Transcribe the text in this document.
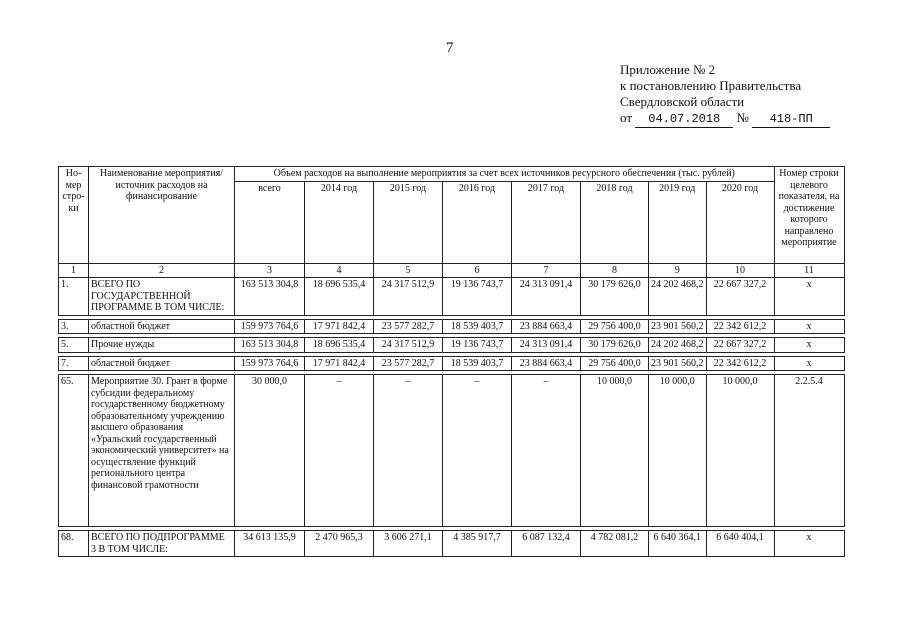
7
Приложение № 2
к постановлению Правительства
Свердловской области
от 04.07.2018 № 418-ПП
Но-мер стро-ки	Наименование мероприятия/источник расходов на финансирование	Объем расходов на выполнение мероприятия за счет всех источников ресурсного обеспечения (тыс. рублей)								Номер строки целевого показателя, на достижение которого направлено мероприятие
		всего	2014 год	2015 год	2016 год	2017 год	2018 год	2019 год	2020 год	
1	2	3	4	5	6	7	8	9	10	11
1.	ВСЕГО ПО ГОСУДАРСТВЕННОЙ ПРОГРАММЕ В ТОМ ЧИСЛЕ:	163 513 304,8	18 696 535,4	24 317 512,9	19 136 743,7	24 313 091,4	30 179 626,0	24 202 468,2	22 667 327,2	x

3.	областной бюджет	159 973 764,6	17 971 842,4	23 577 282,7	18 539 403,7	23 884 663,4	29 756 400,0	23 901 560,2	22 342 612,2	x

5.	Прочие нужды	163 513 304,8	18 696 535,4	24 317 512,9	19 136 743,7	24 313 091,4	30 179 626,0	24 202 468,2	22 667 327,2	x

7.	областной бюджет	159 973 764,6	17 971 842,4	23 577 282,7	18 539 403,7	23 884 663,4	29 756 400,0	23 901 560,2	22 342 612,2	x

65.	Мероприятие 30. Грант в форме субсидии федеральному государственному бюджетному образовательному учреждению высшего образования «Уральский государственный экономический университет» на осуществление функций регионального центра финансовой грамотности	30 000,0	–	–	–	–	10 000,0	10 000,0	10 000,0	2.2.5.4

68.	ВСЕГО ПО ПОДПРОГРАММЕ 3 В ТОМ ЧИСЛЕ:	34 613 135,9	2 470 965,3	3 606 271,1	4 385 917,7	6 087 132,4	4 782 081,2	6 640 364,1	6 640 404,1	x
